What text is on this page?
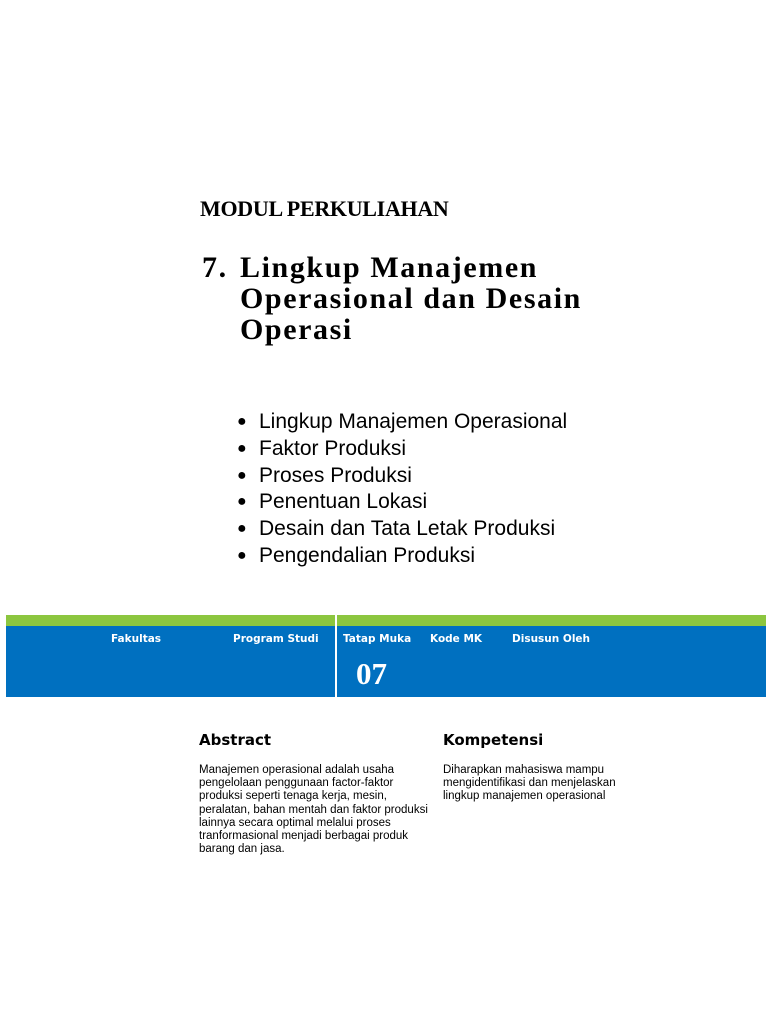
MODUL PERKULIAHAN
7. Lingkup Manajemen Operasional dan Desain Operasi
● Lingkup Manajemen Operasional
● Faktor Produksi
● Proses Produksi
● Penentuan Lokasi
● Desain dan Tata Letak Produksi
● Pengendalian Produksi
Fakultas	Program Studi Tatap Muka Kode MK	Disusun Oleh
07
Abstract
Manajemen operasional adalah usaha pengelolaan penggunaan factor-faktor produksi seperti tenaga kerja, mesin, peralatan, bahan mentah dan faktor produksi lainnya secara optimal melalui proses tranformasional menjadi berbagai produk barang dan jasa.
Kompetensi
Diharapkan mahasiswa mampu mengidentifikasi dan menjelaskan lingkup manajemen operasional
